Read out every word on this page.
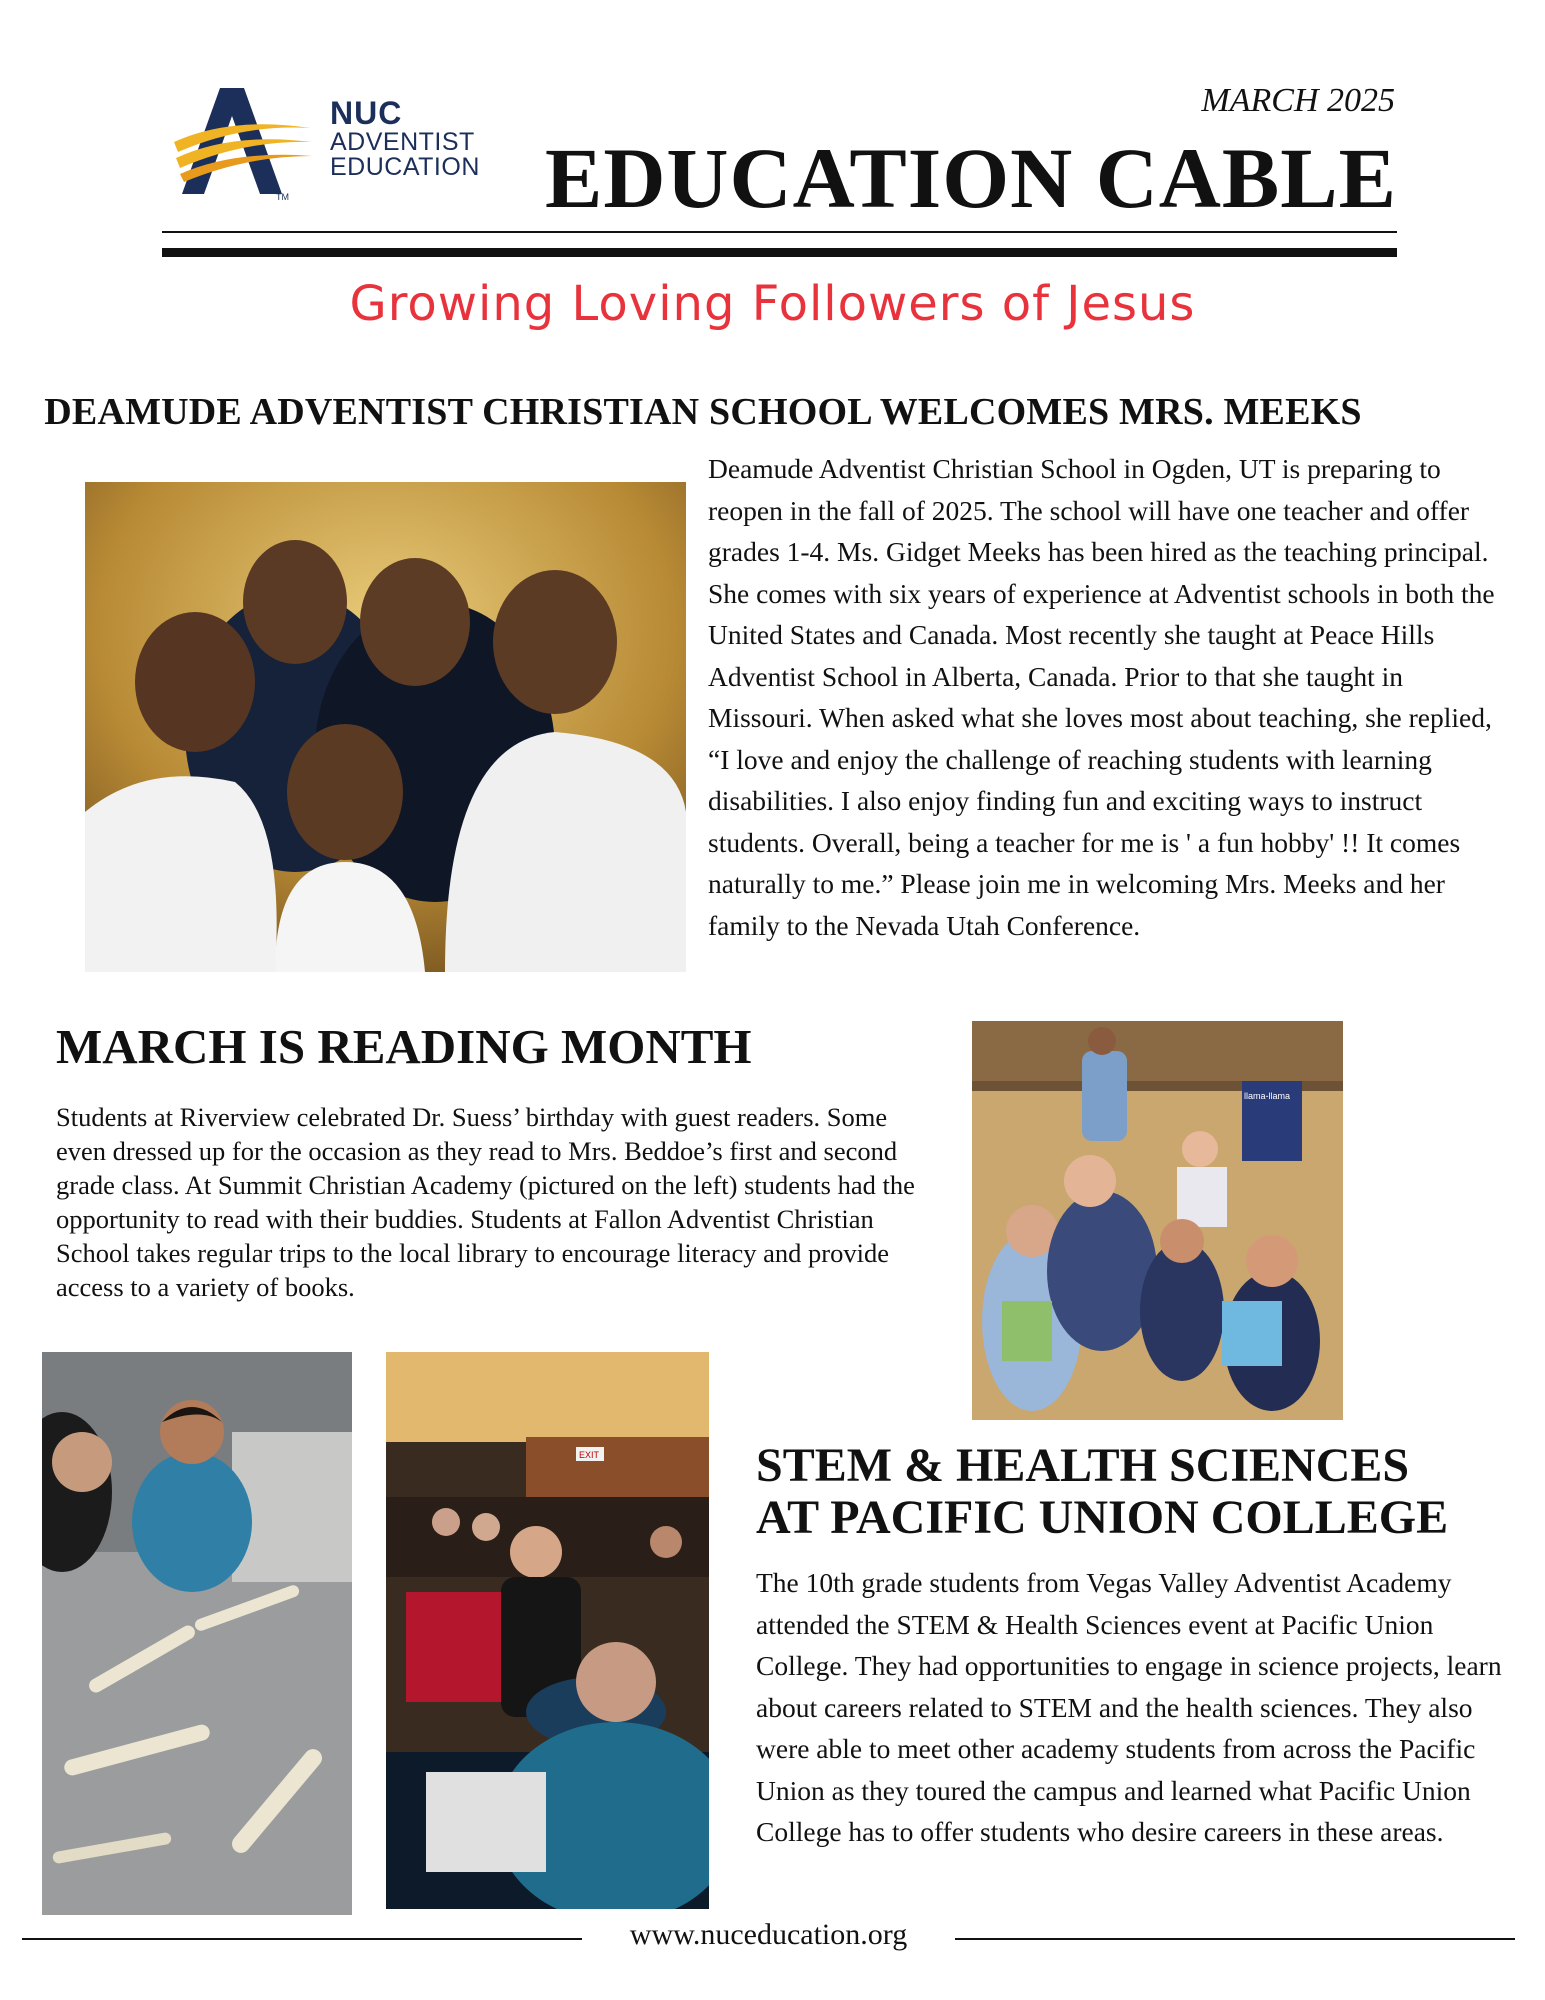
TM
NUC
ADVENTIST
EDUCATION
MARCH 2025
EDUCATION CABLE
Growing Loving Followers of Jesus
DEAMUDE ADVENTIST CHRISTIAN SCHOOL WELCOMES MRS. MEEKS
Deamude Adventist Christian School in Ogden, UT is preparing to reopen in the fall of 2025. The school will have one teacher and offer grades 1-4. Ms. Gidget Meeks has been hired as the teaching principal. She comes with six years of experience at Adventist schools in both the United States and Canada. Most recently she taught at Peace Hills Adventist School in Alberta, Canada. Prior to that she taught in Missouri. When asked what she loves most about teaching, she replied, “I love and enjoy the challenge of reaching students with learning disabilities. I also enjoy finding fun and exciting ways to instruct students. Overall, being a teacher for me is ' a fun hobby' !! It comes naturally to me.” Please join me in welcoming Mrs. Meeks and her family to the Nevada Utah Conference.
MARCH IS READING MONTH
Students at Riverview celebrated Dr. Suess’ birthday with guest readers. Some even dressed up for the occasion as they read to Mrs. Beddoe’s first and second grade class. At Summit Christian Academy (pictured on the left) students had the opportunity to read with their buddies. Students at Fallon Adventist Christian School takes regular trips to the local library to encourage literacy and provide access to a variety of books.
llama-llama
EXIT	STEM & HEALTH SCIENCES
AT PACIFIC UNION COLLEGE
The 10th grade students from Vegas Valley Adventist Academy attended the STEM & Health Sciences event at Pacific Union College. They had opportunities to engage in science projects, learn about careers related to STEM and the health sciences. They also were able to meet other academy students from across the Pacific Union as they toured the campus and learned what Pacific Union College has to offer students who desire careers in these areas.
www.nuceducation.org
